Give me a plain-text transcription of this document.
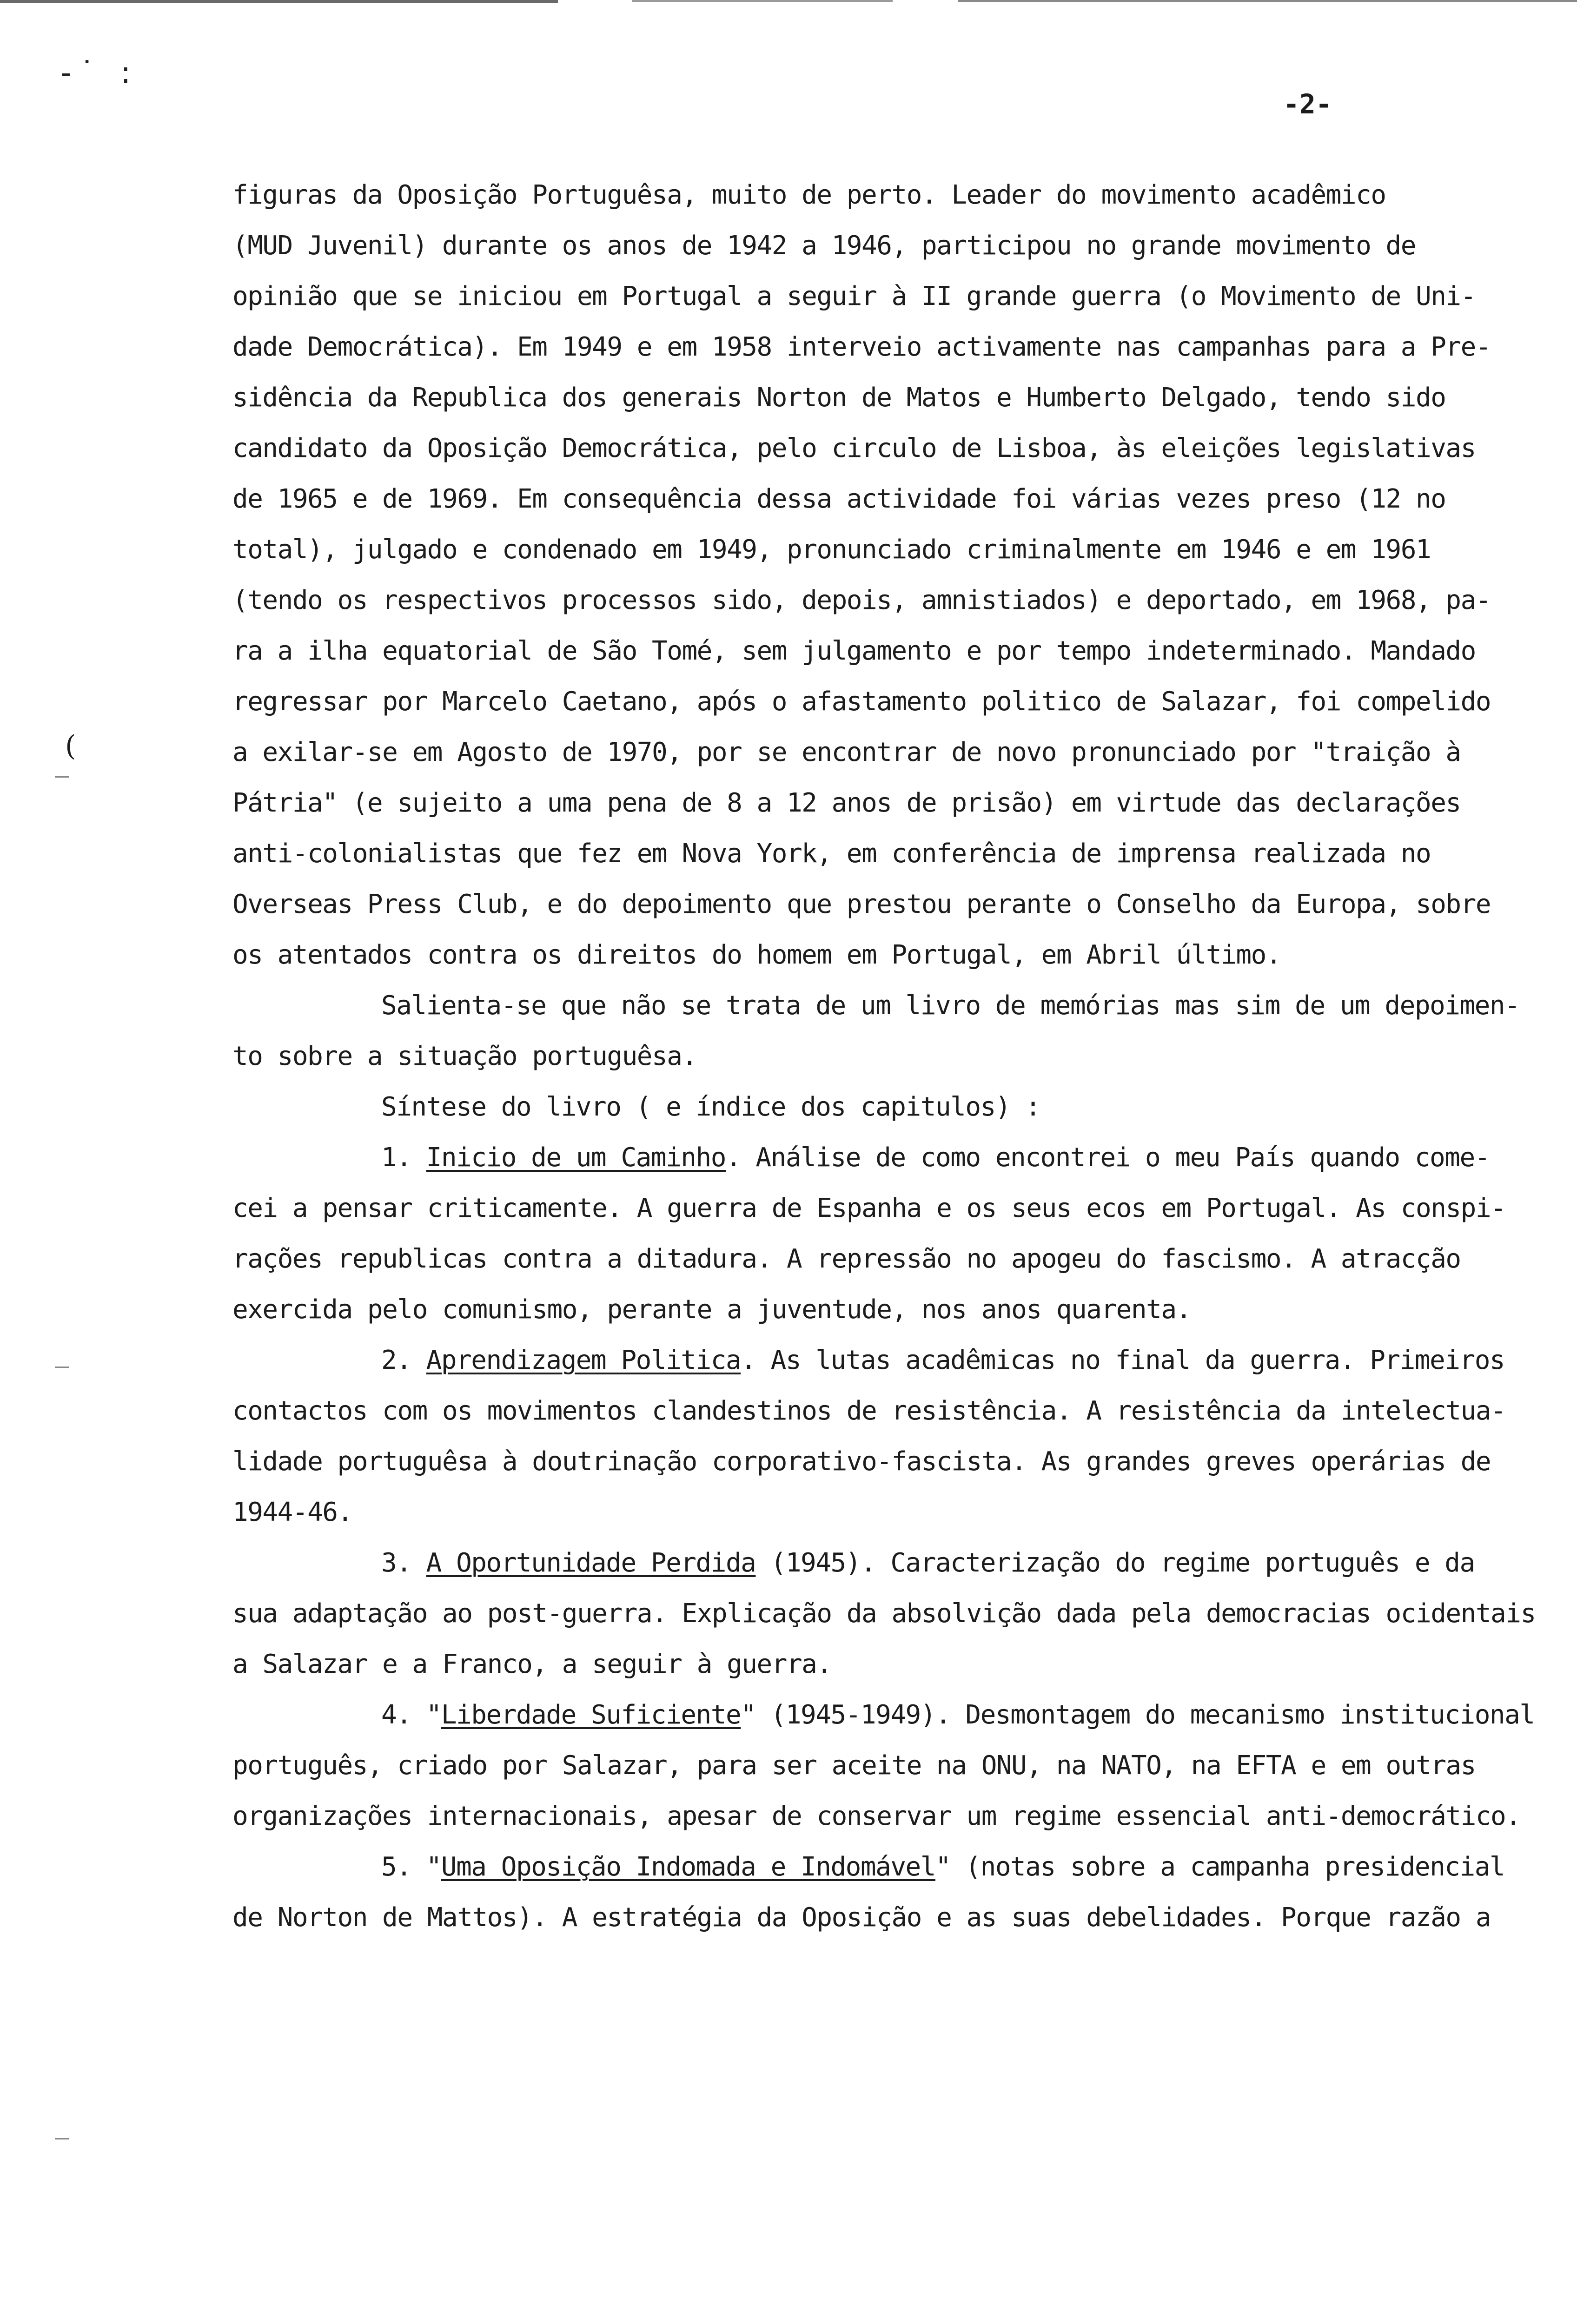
-˙ :
-2-
(
figuras da Oposição Portuguêsa, muito de perto. Leader do movimento acadêmico
(MUD Juvenil) durante os anos de 1942 a 1946, participou no grande movimento de
opinião que se iniciou em Portugal a seguir à II grande guerra (o Movimento de Uni-
dade Democrática). Em 1949 e em 1958 interveio activamente nas campanhas para a Pre-
sidência da Republica dos generais Norton de Matos e Humberto Delgado, tendo sido
candidato da Oposição Democrática, pelo circulo de Lisboa, às eleições legislativas
de 1965 e de 1969. Em consequência dessa actividade foi várias vezes preso (12 no
total), julgado e condenado em 1949, pronunciado criminalmente em 1946 e em 1961
(tendo os respectivos processos sido, depois, amnistiados) e deportado, em 1968, pa-
ra a ilha equatorial de São Tomé, sem julgamento e por tempo indeterminado. Mandado
regressar por Marcelo Caetano, após o afastamento politico de Salazar, foi compelido
a exilar-se em Agosto de 1970, por se encontrar de novo pronunciado por "traição à
Pátria" (e sujeito a uma pena de 8 a 12 anos de prisão) em virtude das declarações
anti-colonialistas que fez em Nova York, em conferência de imprensa realizada no
Overseas Press Club, e do depoimento que prestou perante o Conselho da Europa, sobre
os atentados contra os direitos do homem em Portugal, em Abril último.
Salienta-se que não se trata de um livro de memórias mas sim de um depoimen-
to sobre a situação portuguêsa.
Síntese do livro ( e índice dos capitulos) :
1. Inicio de um Caminho. Análise de como encontrei o meu País quando come-
cei a pensar criticamente. A guerra de Espanha e os seus ecos em Portugal. As conspi-
rações republicas contra a ditadura. A repressão no apogeu do fascismo. A atracção
exercida pelo comunismo, perante a juventude, nos anos quarenta.
2. Aprendizagem Politica. As lutas acadêmicas no final da guerra. Primeiros
contactos com os movimentos clandestinos de resistência. A resistência da intelectua-
lidade portuguêsa à doutrinação corporativo-fascista. As grandes greves operárias de
1944-46.
3. A Oportunidade Perdida (1945). Caracterização do regime português e da
sua adaptação ao post-guerra. Explicação da absolvição dada pela democracias ocidentais
a Salazar e a Franco, a seguir à guerra.
4. "Liberdade Suficiente" (1945-1949). Desmontagem do mecanismo institucional
português, criado por Salazar, para ser aceite na ONU, na NATO, na EFTA e em outras
organizações internacionais, apesar de conservar um regime essencial anti-democrático.
5. "Uma Oposição Indomada e Indomável" (notas sobre a campanha presidencial
de Norton de Mattos). A estratégia da Oposição e as suas debelidades. Porque razão a
